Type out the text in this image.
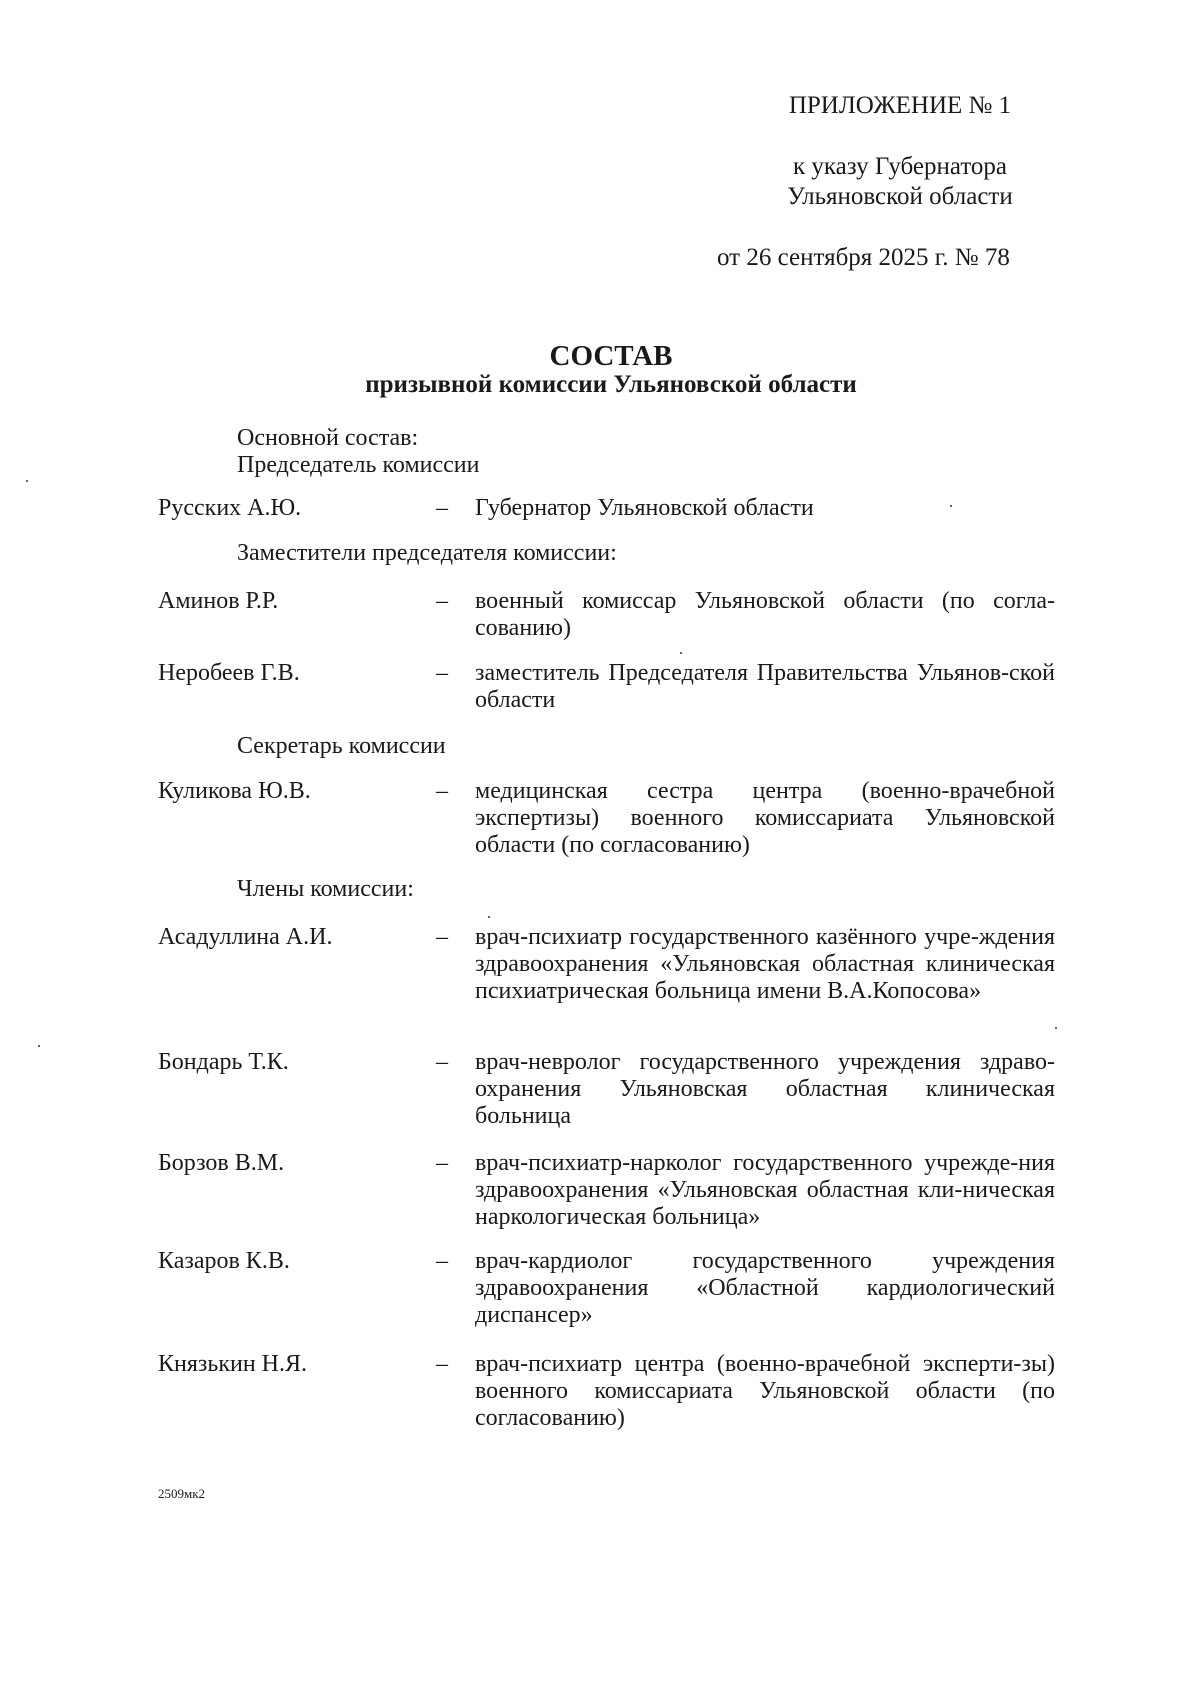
ПРИЛОЖЕНИЕ № 1
к указу Губернатора
Ульяновской области
от 26 сентября 2025 г. № 78
СОСТАВ
призывной комиссии Ульяновской области
Основной состав:
Председатель комиссии
Русских А.Ю.	– Губернатор Ульяновской области
Заместители председателя комиссии:
Аминов Р.Р.	– военный комиссар Ульяновской области (по согла-сованию)
Неробеев Г.В.	– заместитель Председателя Правительства Ульянов-ской области
Секретарь комиссии
Куликова Ю.В.	– медицинская сестра центра (военно-врачебной экспертизы) военного комиссариата Ульяновской области (по согласованию)
Члены комиссии:
Асадуллина А.И.	– врач-психиатр государственного казённого учре-ждения здравоохранения «Ульяновская областная клиническая психиатрическая больница имени В.А.Копосова»
Бондарь Т.К.	– врач-невролог государственного учреждения здраво-охранения Ульяновская областная клиническая больница
Борзов В.М.	– врач-психиатр-нарколог государственного учрежде-ния здравоохранения «Ульяновская областная кли-ническая наркологическая больница»
Казаров К.В.	– врач-кардиолог государственного учреждения здравоохранения «Областной кардиологический диспансер»
Князькин Н.Я.	– врач-психиатр центра (военно-врачебной эксперти-зы) военного комиссариата Ульяновской области (по согласованию)
2509мк2
